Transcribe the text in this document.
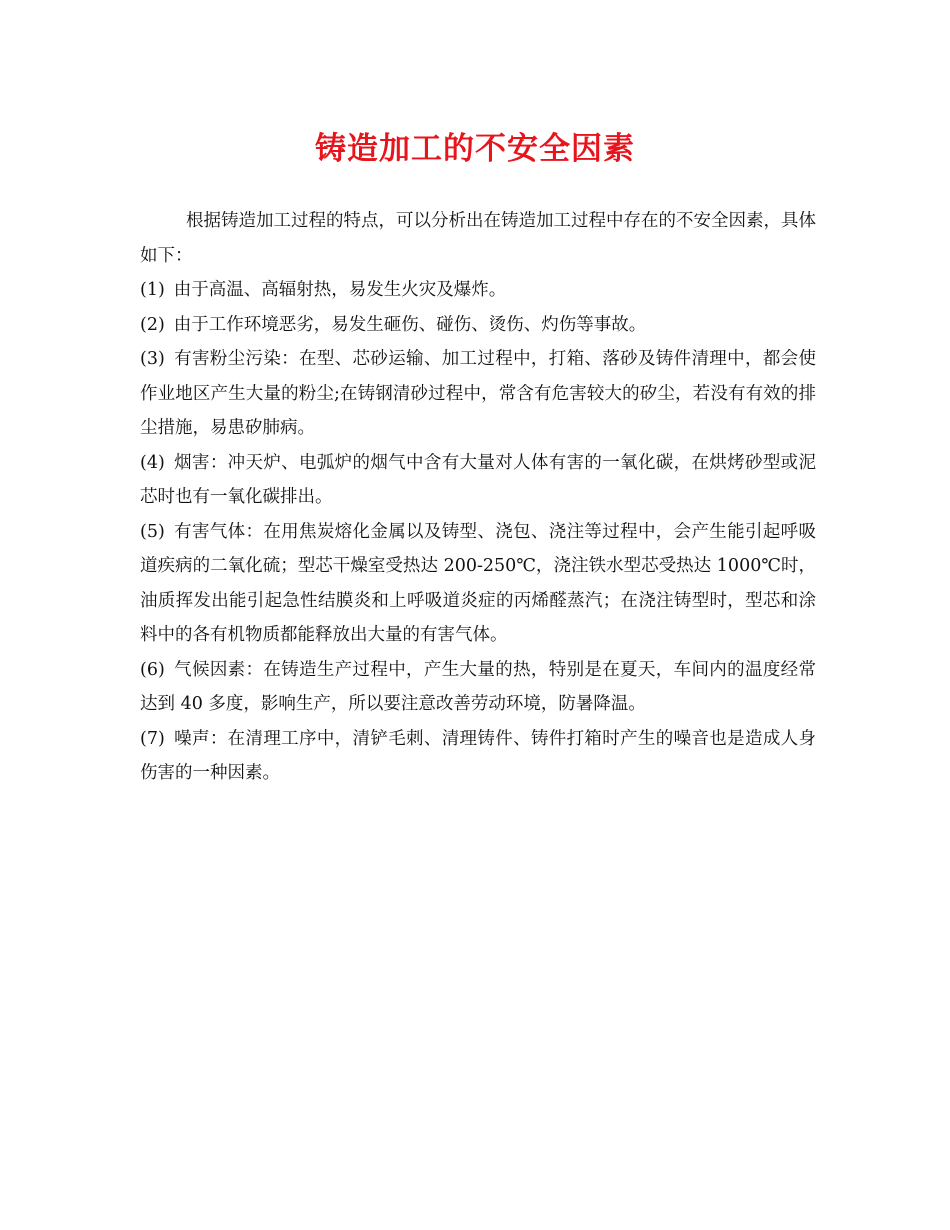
铸造加工的不安全因素

根据铸造加工过程的特点，可以分析出在铸造加工过程中存在的不安全因素，具体如下：

(1) 由于高温、高辐射热，易发生火灾及爆炸。

(2) 由于工作环境恶劣，易发生砸伤、碰伤、烫伤、灼伤等事故。

(3) 有害粉尘污染：在型、芯砂运输、加工过程中，打箱、落砂及铸件清理中，都会使作业地区产生大量的粉尘;在铸钢清砂过程中，常含有危害较大的矽尘，若没有有效的排尘措施，易患矽肺病。

(4) 烟害：冲天炉、电弧炉的烟气中含有大量对人体有害的一氧化碳，在烘烤砂型或泥芯时也有一氧化碳排出。

(5) 有害气体：在用焦炭熔化金属以及铸型、浇包、浇注等过程中，会产生能引起呼吸道疾病的二氧化硫；型芯干燥室受热达 200-250℃，浇注铁水型芯受热达 1000℃时，油质挥发出能引起急性结膜炎和上呼吸道炎症的丙烯醛蒸汽；在浇注铸型时，型芯和涂料中的各有机物质都能释放出大量的有害气体。

(6) 气候因素：在铸造生产过程中，产生大量的热，特别是在夏天，车间内的温度经常达到 40 多度，影响生产，所以要注意改善劳动环境，防暑降温。

(7) 噪声：在清理工序中，清铲毛刺、清理铸件、铸件打箱时产生的噪音也是造成人身伤害的一种因素。
